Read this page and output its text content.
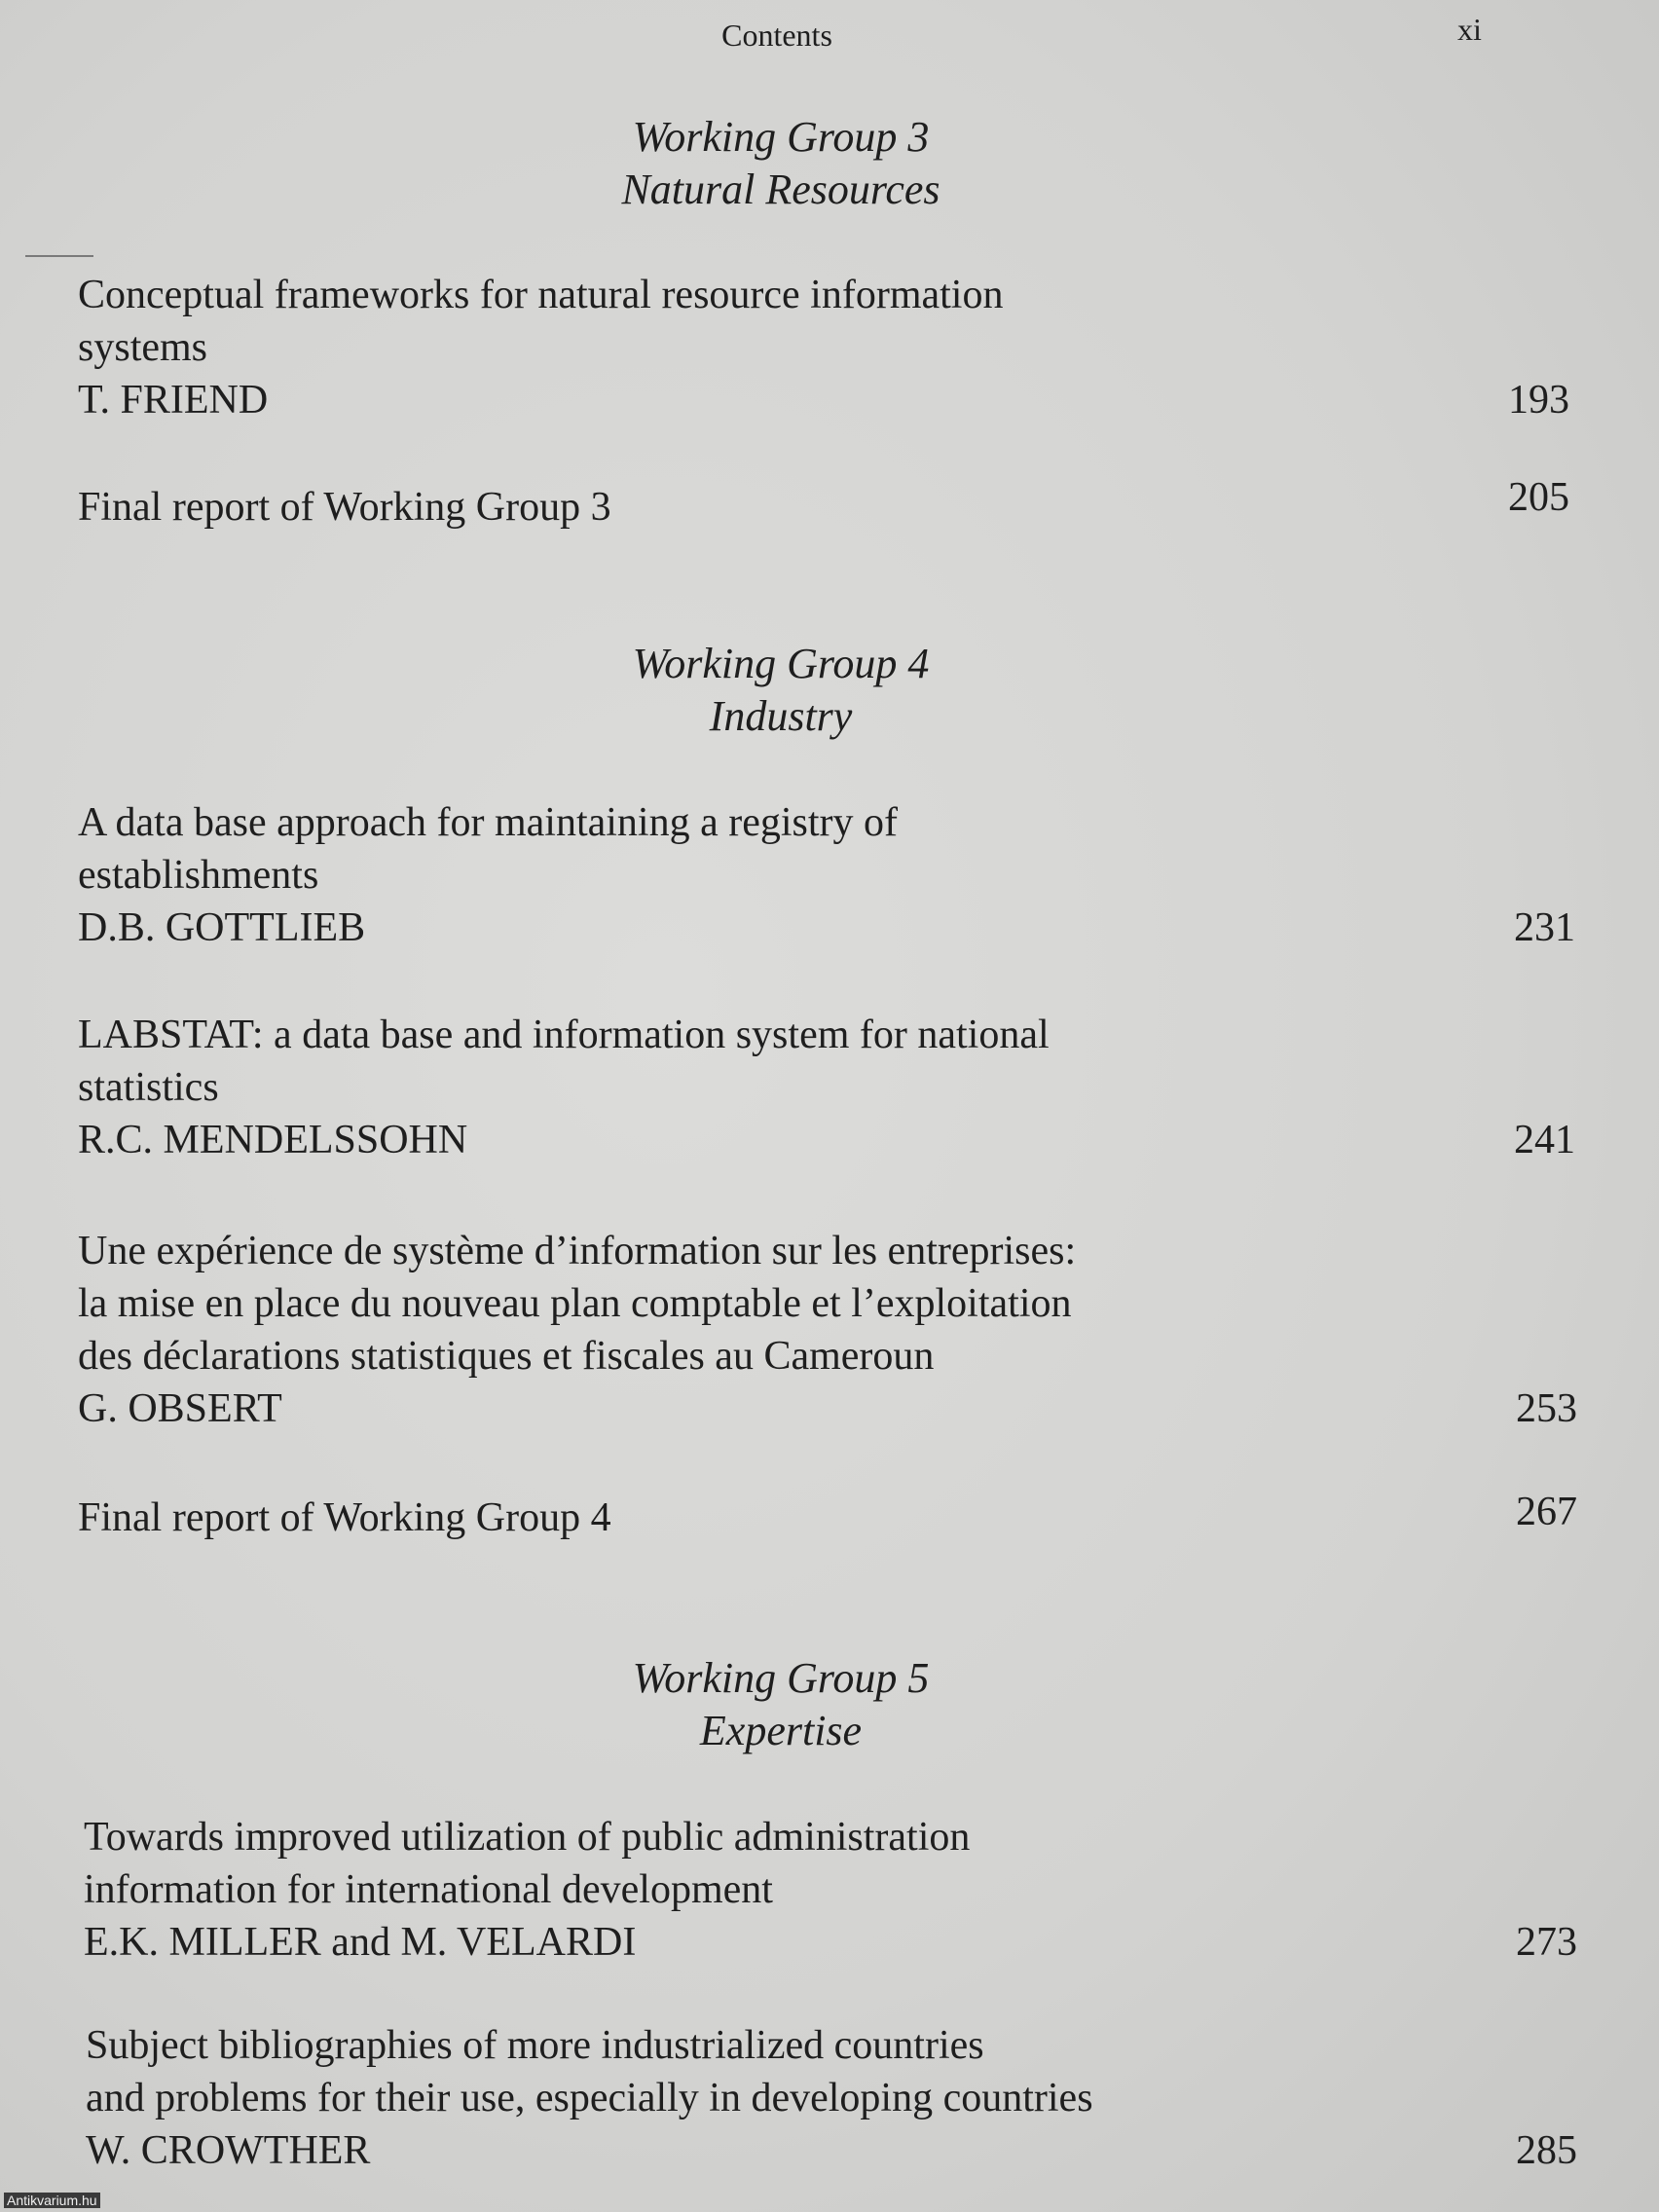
Contents	xi
Working Group 3
Natural Resources
Conceptual frameworks for natural resource information
systems
T. FRIEND	193
Final report of Working Group 3	205
Working Group 4
Industry
A data base approach for maintaining a registry of
establishments
D.B. GOTTLIEB	231
LABSTAT: a data base and information system for national
statistics
R.C. MENDELSSOHN	241
Une expérience de système d’information sur les entreprises:
la mise en place du nouveau plan comptable et l’exploitation
des déclarations statistiques et fiscales au Cameroun
G. OBSERT	253
Final report of Working Group 4	267
Working Group 5
Expertise
Towards improved utilization of public administration
information for international development
E.K. MILLER and M. VELARDI	273
Subject bibliographies of more industrialized countries
and problems for their use, especially in developing countries
W. CROWTHER	285
Antikvarium.hu
